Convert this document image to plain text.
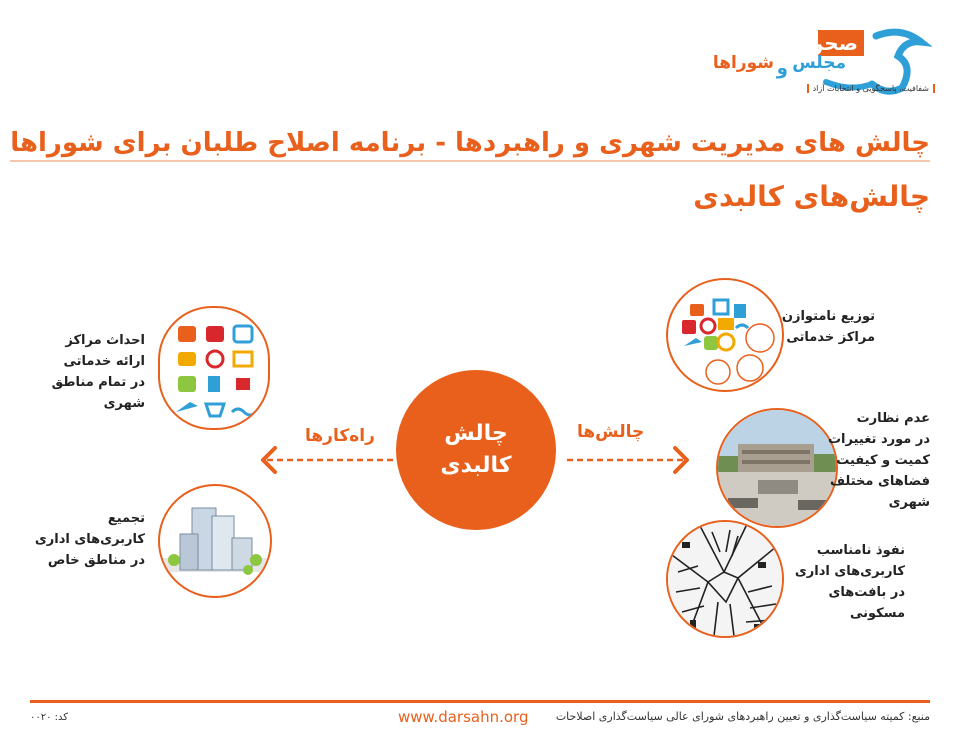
صحن
مجلس
و
شوراها
شفافیت، پاسخگویی و انتخابات آزاد
چالش های مدیریت شهری و راهبردها - برنامه اصلاح طلبان برای شوراها
چالش‌های کالبدی
راه‌کارها	چالش‌ها
چالش
کالبدی
احداث مراکز
ارائه خدماتی
در تمام مناطق
شهری
تجمیع
کاربری‌های اداری
در مناطق خاص
توزیع نامتوازن
مراکز خدماتی
عدم نظارت
در مورد تغییرات
کمیت و کیفیت
فضاهای مختلف
شهری
نفوذ نامناسب
کاربری‌های اداری
در بافت‌های
مسکونی
منبع: کمیته سیاست‌گذاری و تعیین راهبردهای شورای عالی سیاست‌گذاری اصلاحات
www.darsahn.org
کد: ۰۰۲۰
